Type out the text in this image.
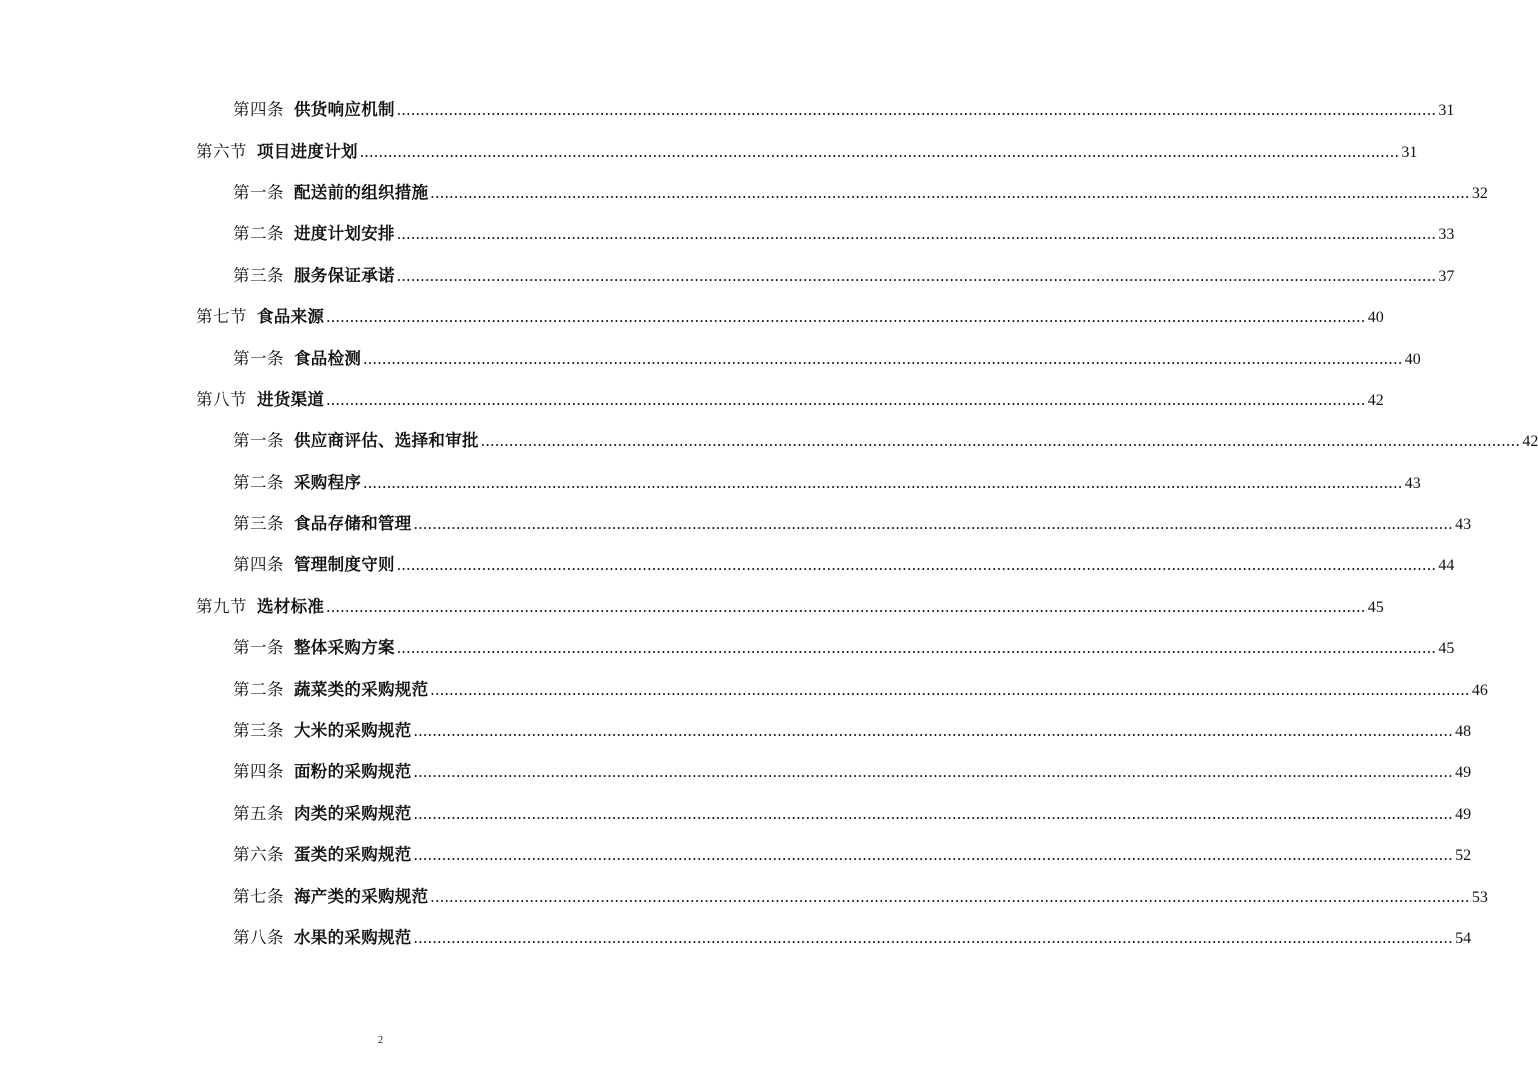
第四条 供货响应机制 ............................................................................................................................................................................................................................ 31
第六节 项目进度计划 ............................................................................................................................................................................................................................ 31
第一条 配送前的组织措施 ............................................................................................................................................................................................................................ 32
第二条 进度计划安排 ............................................................................................................................................................................................................................ 33
第三条 服务保证承诺 ............................................................................................................................................................................................................................ 37
第七节 食品来源 ............................................................................................................................................................................................................................ 40
第一条 食品检测 ............................................................................................................................................................................................................................ 40
第八节 进货渠道 ............................................................................................................................................................................................................................ 42
第一条 供应商评估、选择和审批 ............................................................................................................................................................................................................................ 42
第二条 采购程序 ............................................................................................................................................................................................................................ 43
第三条 食品存储和管理 ............................................................................................................................................................................................................................ 43
第四条 管理制度守则 ............................................................................................................................................................................................................................ 44
第九节 选材标准 ............................................................................................................................................................................................................................ 45
第一条 整体采购方案 ............................................................................................................................................................................................................................ 45
第二条 蔬菜类的采购规范 ............................................................................................................................................................................................................................ 46
第三条 大米的采购规范 ............................................................................................................................................................................................................................ 48
第四条 面粉的采购规范 ............................................................................................................................................................................................................................ 49
第五条 肉类的采购规范 ............................................................................................................................................................................................................................ 49
第六条 蛋类的采购规范 ............................................................................................................................................................................................................................ 52
第七条 海产类的采购规范 ............................................................................................................................................................................................................................ 53
第八条 水果的采购规范 ............................................................................................................................................................................................................................ 54
2
